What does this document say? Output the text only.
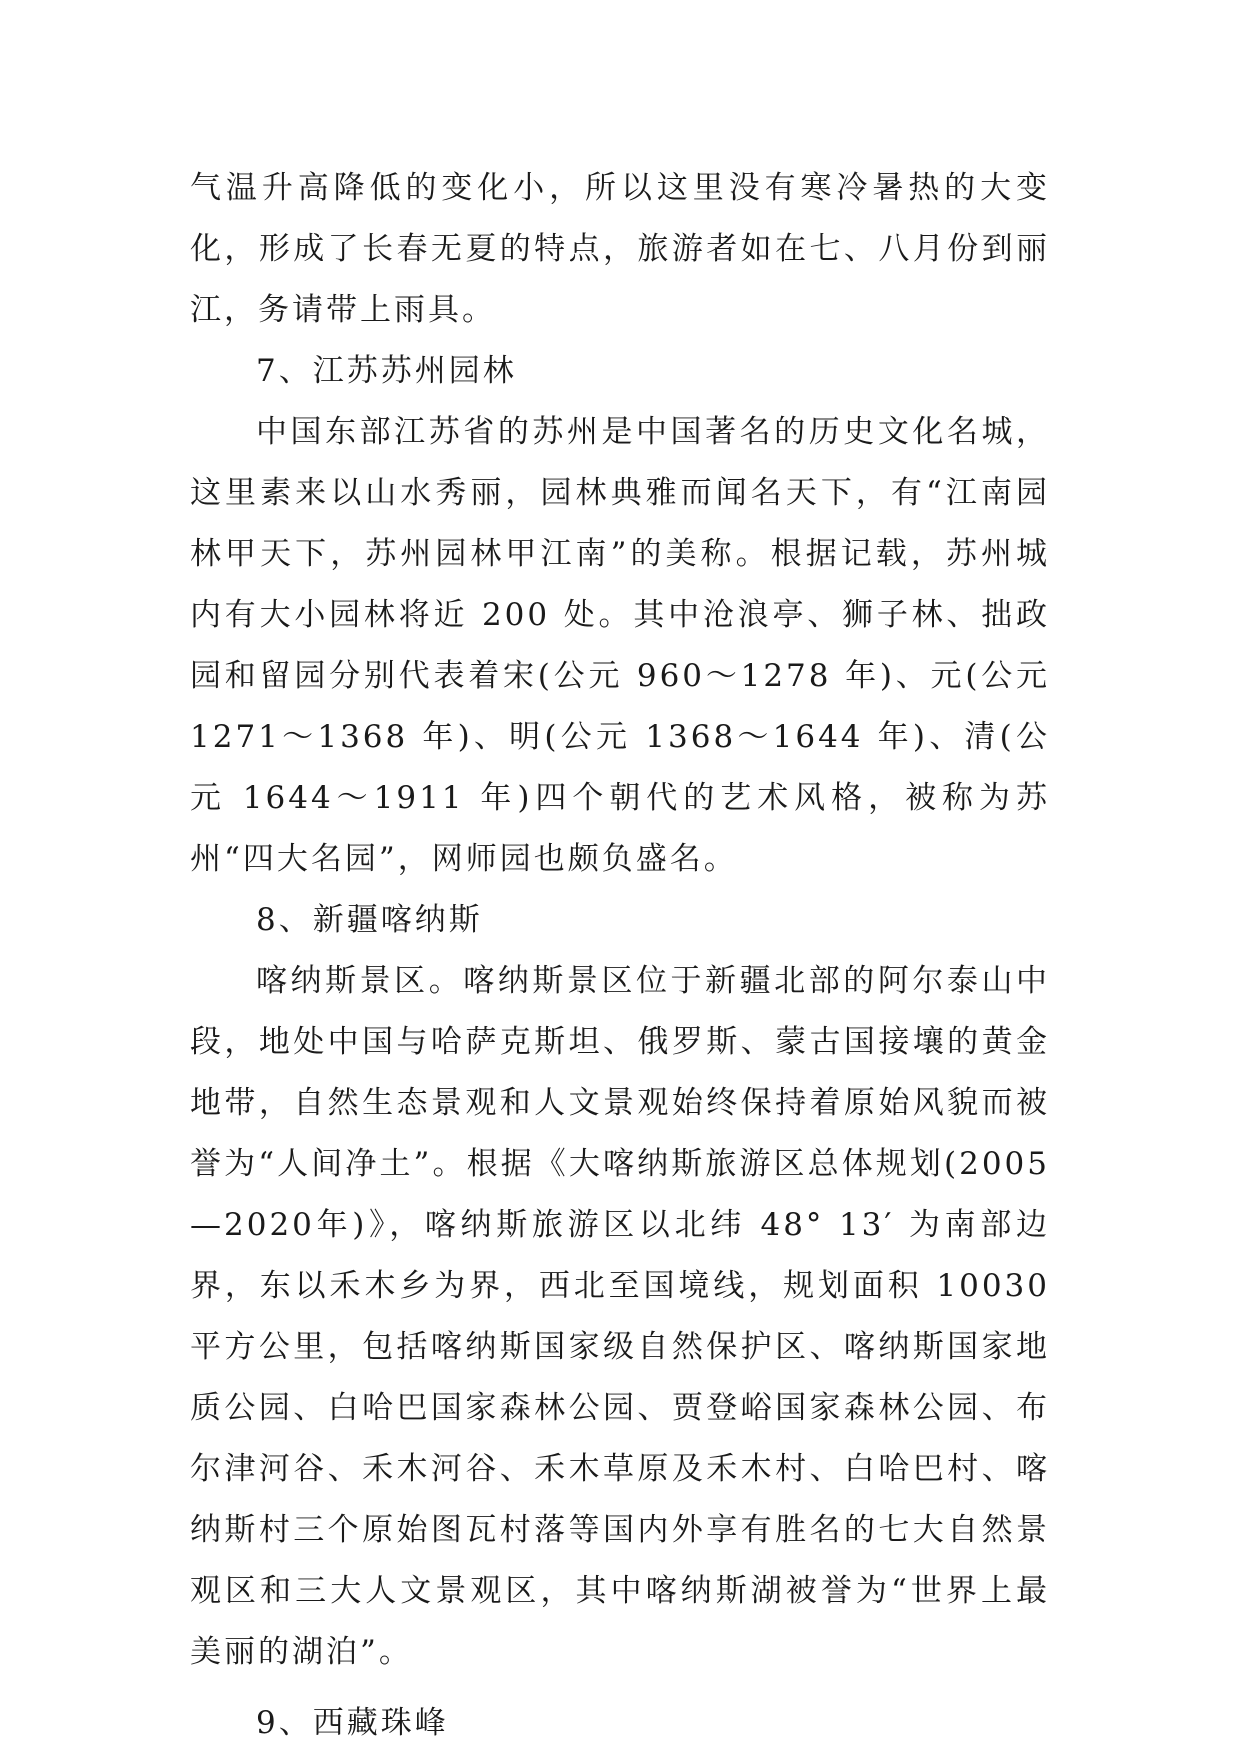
气温升高降低的变化小，所以这里没有寒冷暑热的大变化，形成了长春无夏的特点，旅游者如在七、八月份到丽江，务请带上雨具。

7、江苏苏州园林

中国东部江苏省的苏州是中国著名的历史文化名城，这里素来以山水秀丽，园林典雅而闻名天下，有“江南园林甲天下，苏州园林甲江南”的美称。根据记载，苏州城内有大小园林将近 200 处。其中沧浪亭、狮子林、拙政园和留园分别代表着宋(公元 960～1278 年)、元(公元 1271～1368 年)、明(公元 1368～1644 年)、清(公元 1644～1911 年)四个朝代的艺术风格，被称为苏州“四大名园”，网师园也颇负盛名。

8、新疆喀纳斯

喀纳斯景区。喀纳斯景区位于新疆北部的阿尔泰山中段，地处中国与哈萨克斯坦、俄罗斯、蒙古国接壤的黄金地带，自然生态景观和人文景观始终保持着原始风貌而被誉为“人间净土”。根据《大喀纳斯旅游区总体规划(2005—2020年)》，喀纳斯旅游区以北纬 48° 13′ 为南部边界，东以禾木乡为界，西北至国境线，规划面积 10030 平方公里，包括喀纳斯国家级自然保护区、喀纳斯国家地质公园、白哈巴国家森林公园、贾登峪国家森林公园、布尔津河谷、禾木河谷、禾木草原及禾木村、白哈巴村、喀纳斯村三个原始图瓦村落等国内外享有胜名的七大自然景观区和三大人文景观区，其中喀纳斯湖被誉为“世界上最美丽的湖泊”。

9、西藏珠峰
